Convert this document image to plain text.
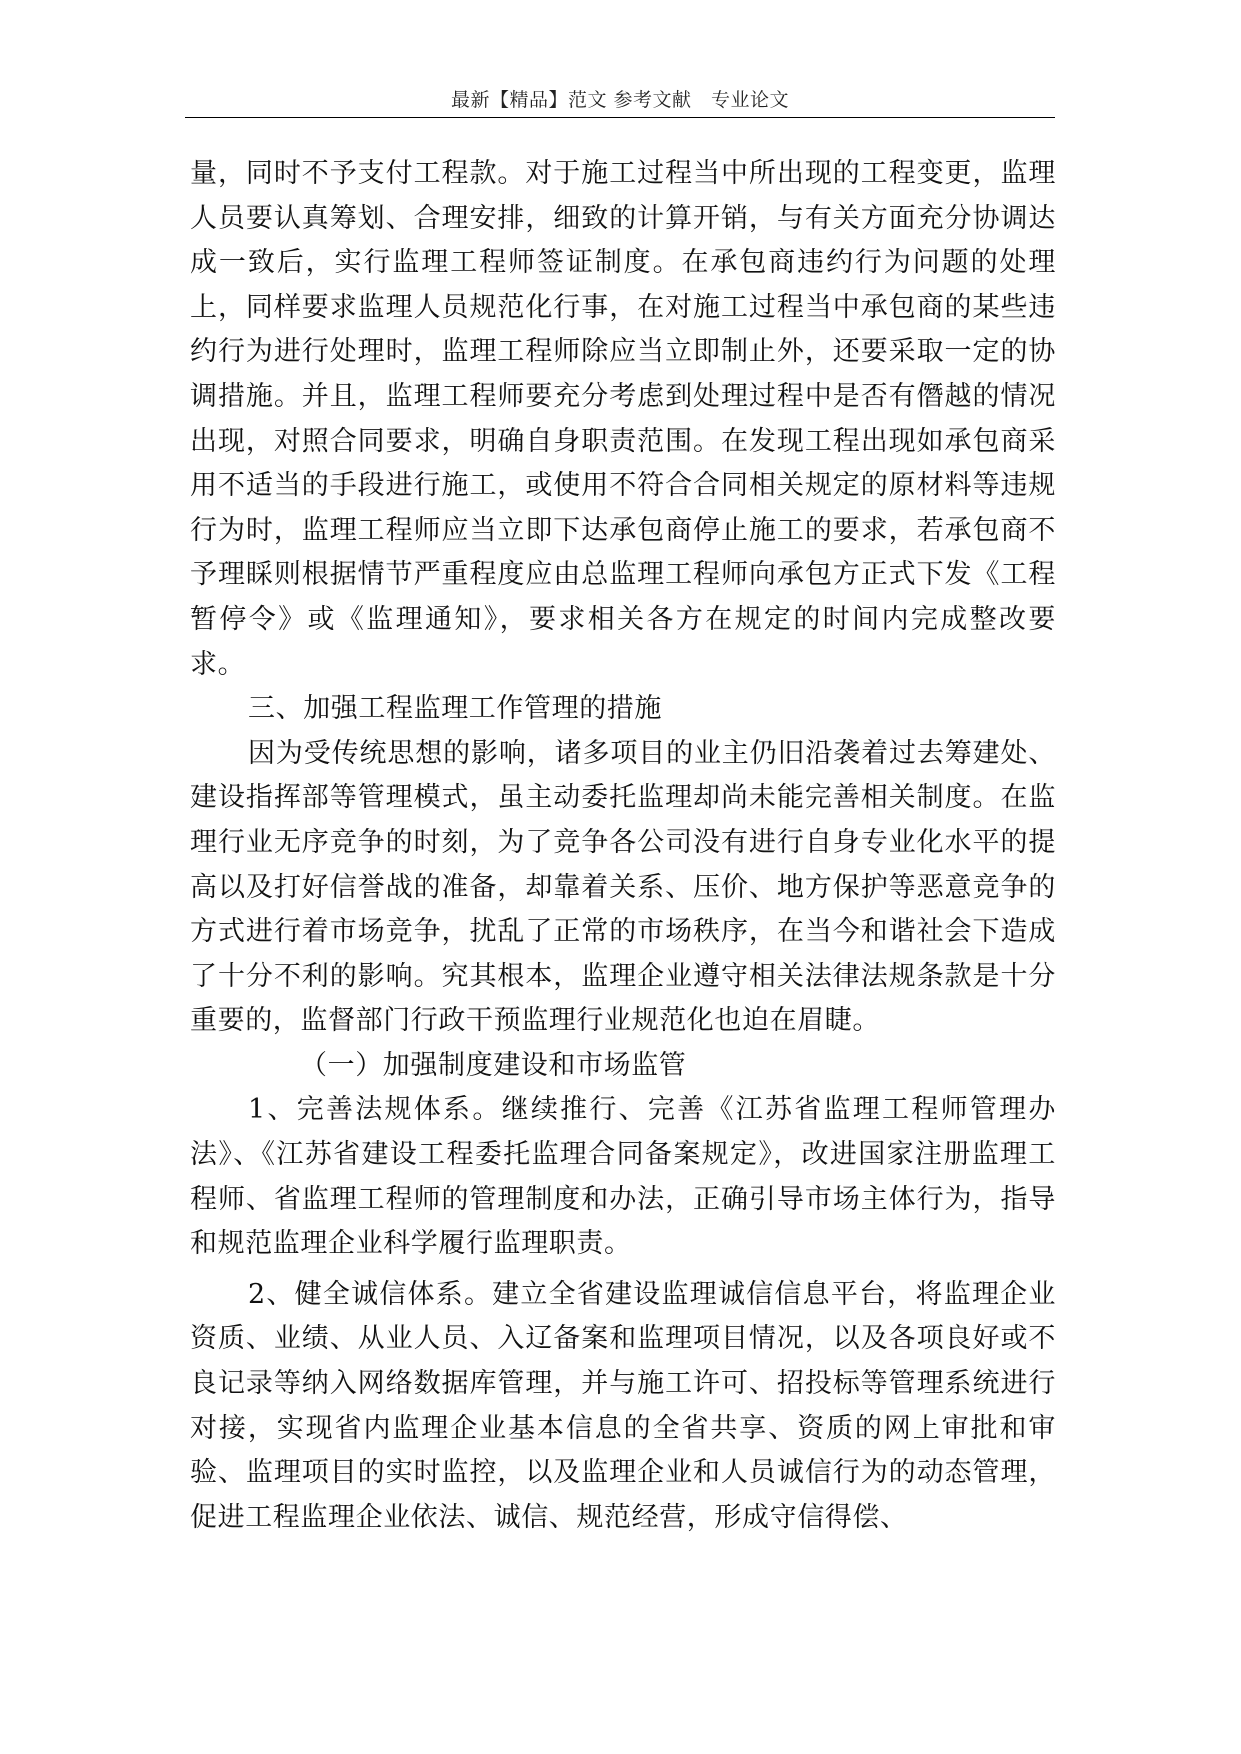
最新【精品】范文 参考文献　专业论文

量，同时不予支付工程款。对于施工过程当中所出现的工程变更，监理人员要认真筹划、合理安排，细致的计算开销，与有关方面充分协调达成一致后，实行监理工程师签证制度。在承包商违约行为问题的处理上，同样要求监理人员规范化行事，在对施工过程当中承包商的某些违约行为进行处理时，监理工程师除应当立即制止外，还要采取一定的协调措施。并且，监理工程师要充分考虑到处理过程中是否有僭越的情况出现，对照合同要求，明确自身职责范围。在发现工程出现如承包商采用不适当的手段进行施工，或使用不符合合同相关规定的原材料等违规行为时，监理工程师应当立即下达承包商停止施工的要求，若承包商不予理睬则根据情节严重程度应由总监理工程师向承包方正式下发《工程暂停令》或《监理通知》，要求相关各方在规定的时间内完成整改要求。

三、加强工程监理工作管理的措施

因为受传统思想的影响，诸多项目的业主仍旧沿袭着过去筹建处、建设指挥部等管理模式，虽主动委托监理却尚未能完善相关制度。在监理行业无序竞争的时刻，为了竞争各公司没有进行自身专业化水平的提高以及打好信誉战的准备，却靠着关系、压价、地方保护等恶意竞争的方式进行着市场竞争，扰乱了正常的市场秩序，在当今和谐社会下造成了十分不利的影响。究其根本，监理企业遵守相关法律法规条款是十分重要的，监督部门行政干预监理行业规范化也迫在眉睫。

（一）加强制度建设和市场监管

1、完善法规体系。继续推行、完善《江苏省监理工程师管理办法》、《江苏省建设工程委托监理合同备案规定》，改进国家注册监理工程师、省监理工程师的管理制度和办法，正确引导市场主体行为，指导和规范监理企业科学履行监理职责。

2、健全诚信体系。建立全省建设监理诚信信息平台，将监理企业资质、业绩、从业人员、入辽备案和监理项目情况，以及各项良好或不良记录等纳入网络数据库管理，并与施工许可、招投标等管理系统进行对接，实现省内监理企业基本信息的全省共享、资质的网上审批和审验、监理项目的实时监控，以及监理企业和人员诚信行为的动态管理，促进工程监理企业依法、诚信、规范经营，形成守信得偿、
